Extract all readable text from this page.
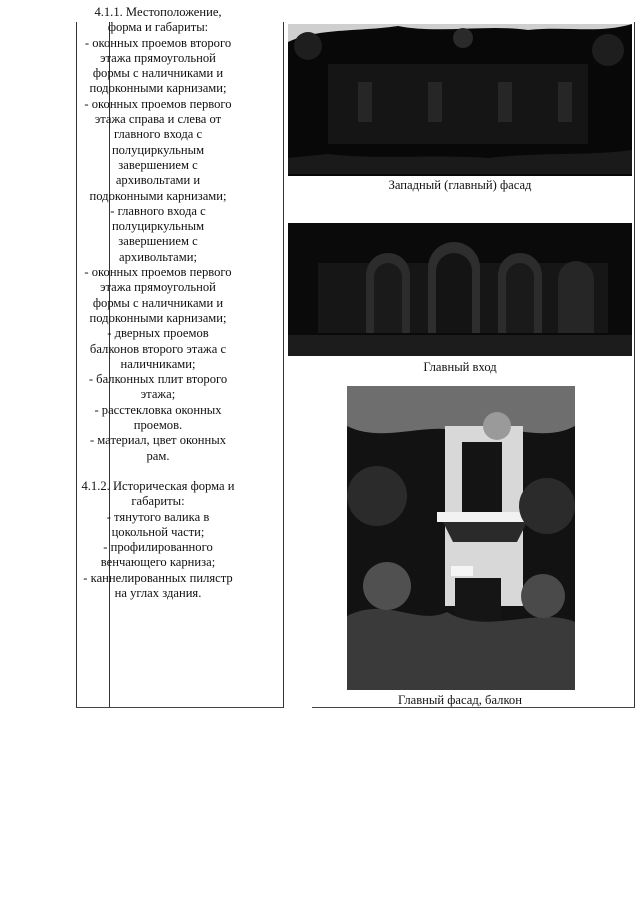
4.1.1. Местоположение,

форма и габариты:

- оконных проемов второго

этажа прямоугольной

формы с наличниками и

подоконными карнизами;

- оконных проемов первого

этажа справа и слева от

главного входа с

полуциркульным

завершением с

архивольтами и

подоконными карнизами;

- главного входа с

полуциркульным

завершением с

архивольтами;

- оконных проемов первого

этажа прямоугольной

формы с наличниками и

подоконными карнизами;

- дверных проемов

балконов второго этажа с

наличниками;

- балконных плит второго

этажа;

- расстекловка оконных

проемов.

- материал, цвет оконных

рам.

4.1.2. Историческая форма и

габариты:

- тянутого валика в

цокольной части;

- профилированного

венчающего карниза;

- каннелированных пилястр

на углах здания.

Западный (главный) фасад
Главный вход
Главный фасад, балкон
